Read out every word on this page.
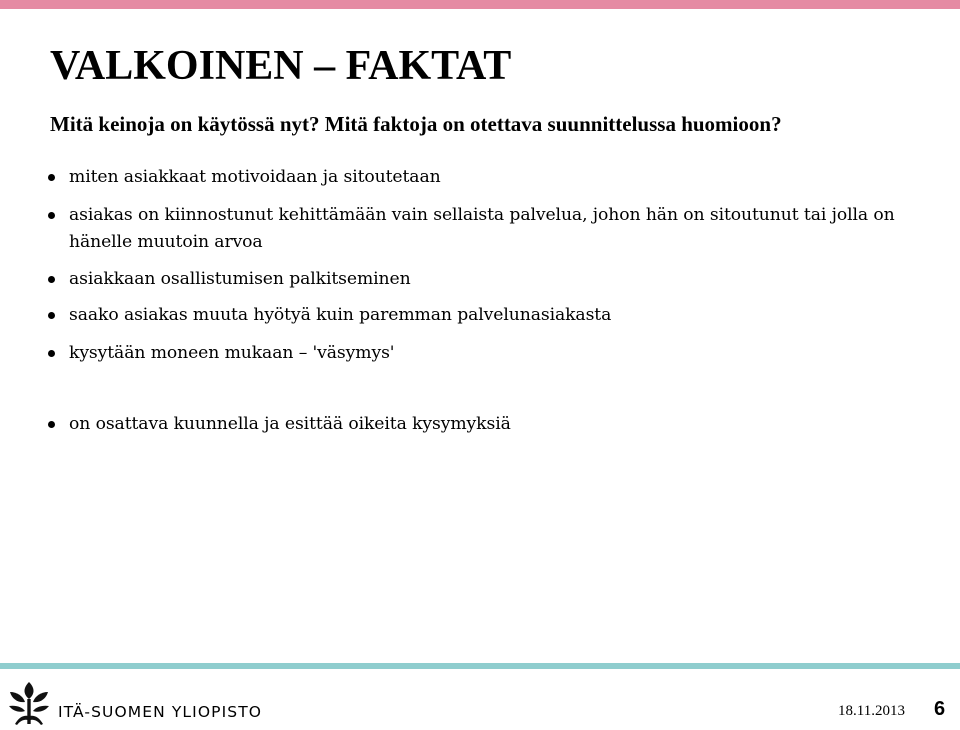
VALKOINEN – FAKTAT

Mitä keinoja on käytössä nyt? Mitä faktoja on otettava suunnittelussa huomioon?

miten asiakkaat motivoidaan ja sitoutetaan
asiakas on kiinnostunut kehittämään vain sellaista palvelua, johon hän on sitoutunut tai jolla on hänelle muutoin arvoa
asiakkaan osallistumisen palkitseminen
saako asiakas muuta hyötyä kuin paremman palvelunasiakasta
kysytään moneen mukaan – 'väsymys'
on osattava kuunnella ja esittää oikeita kysymyksiä
ITÄ-SUOMEN YLIOPISTO	18.11.2013 6
